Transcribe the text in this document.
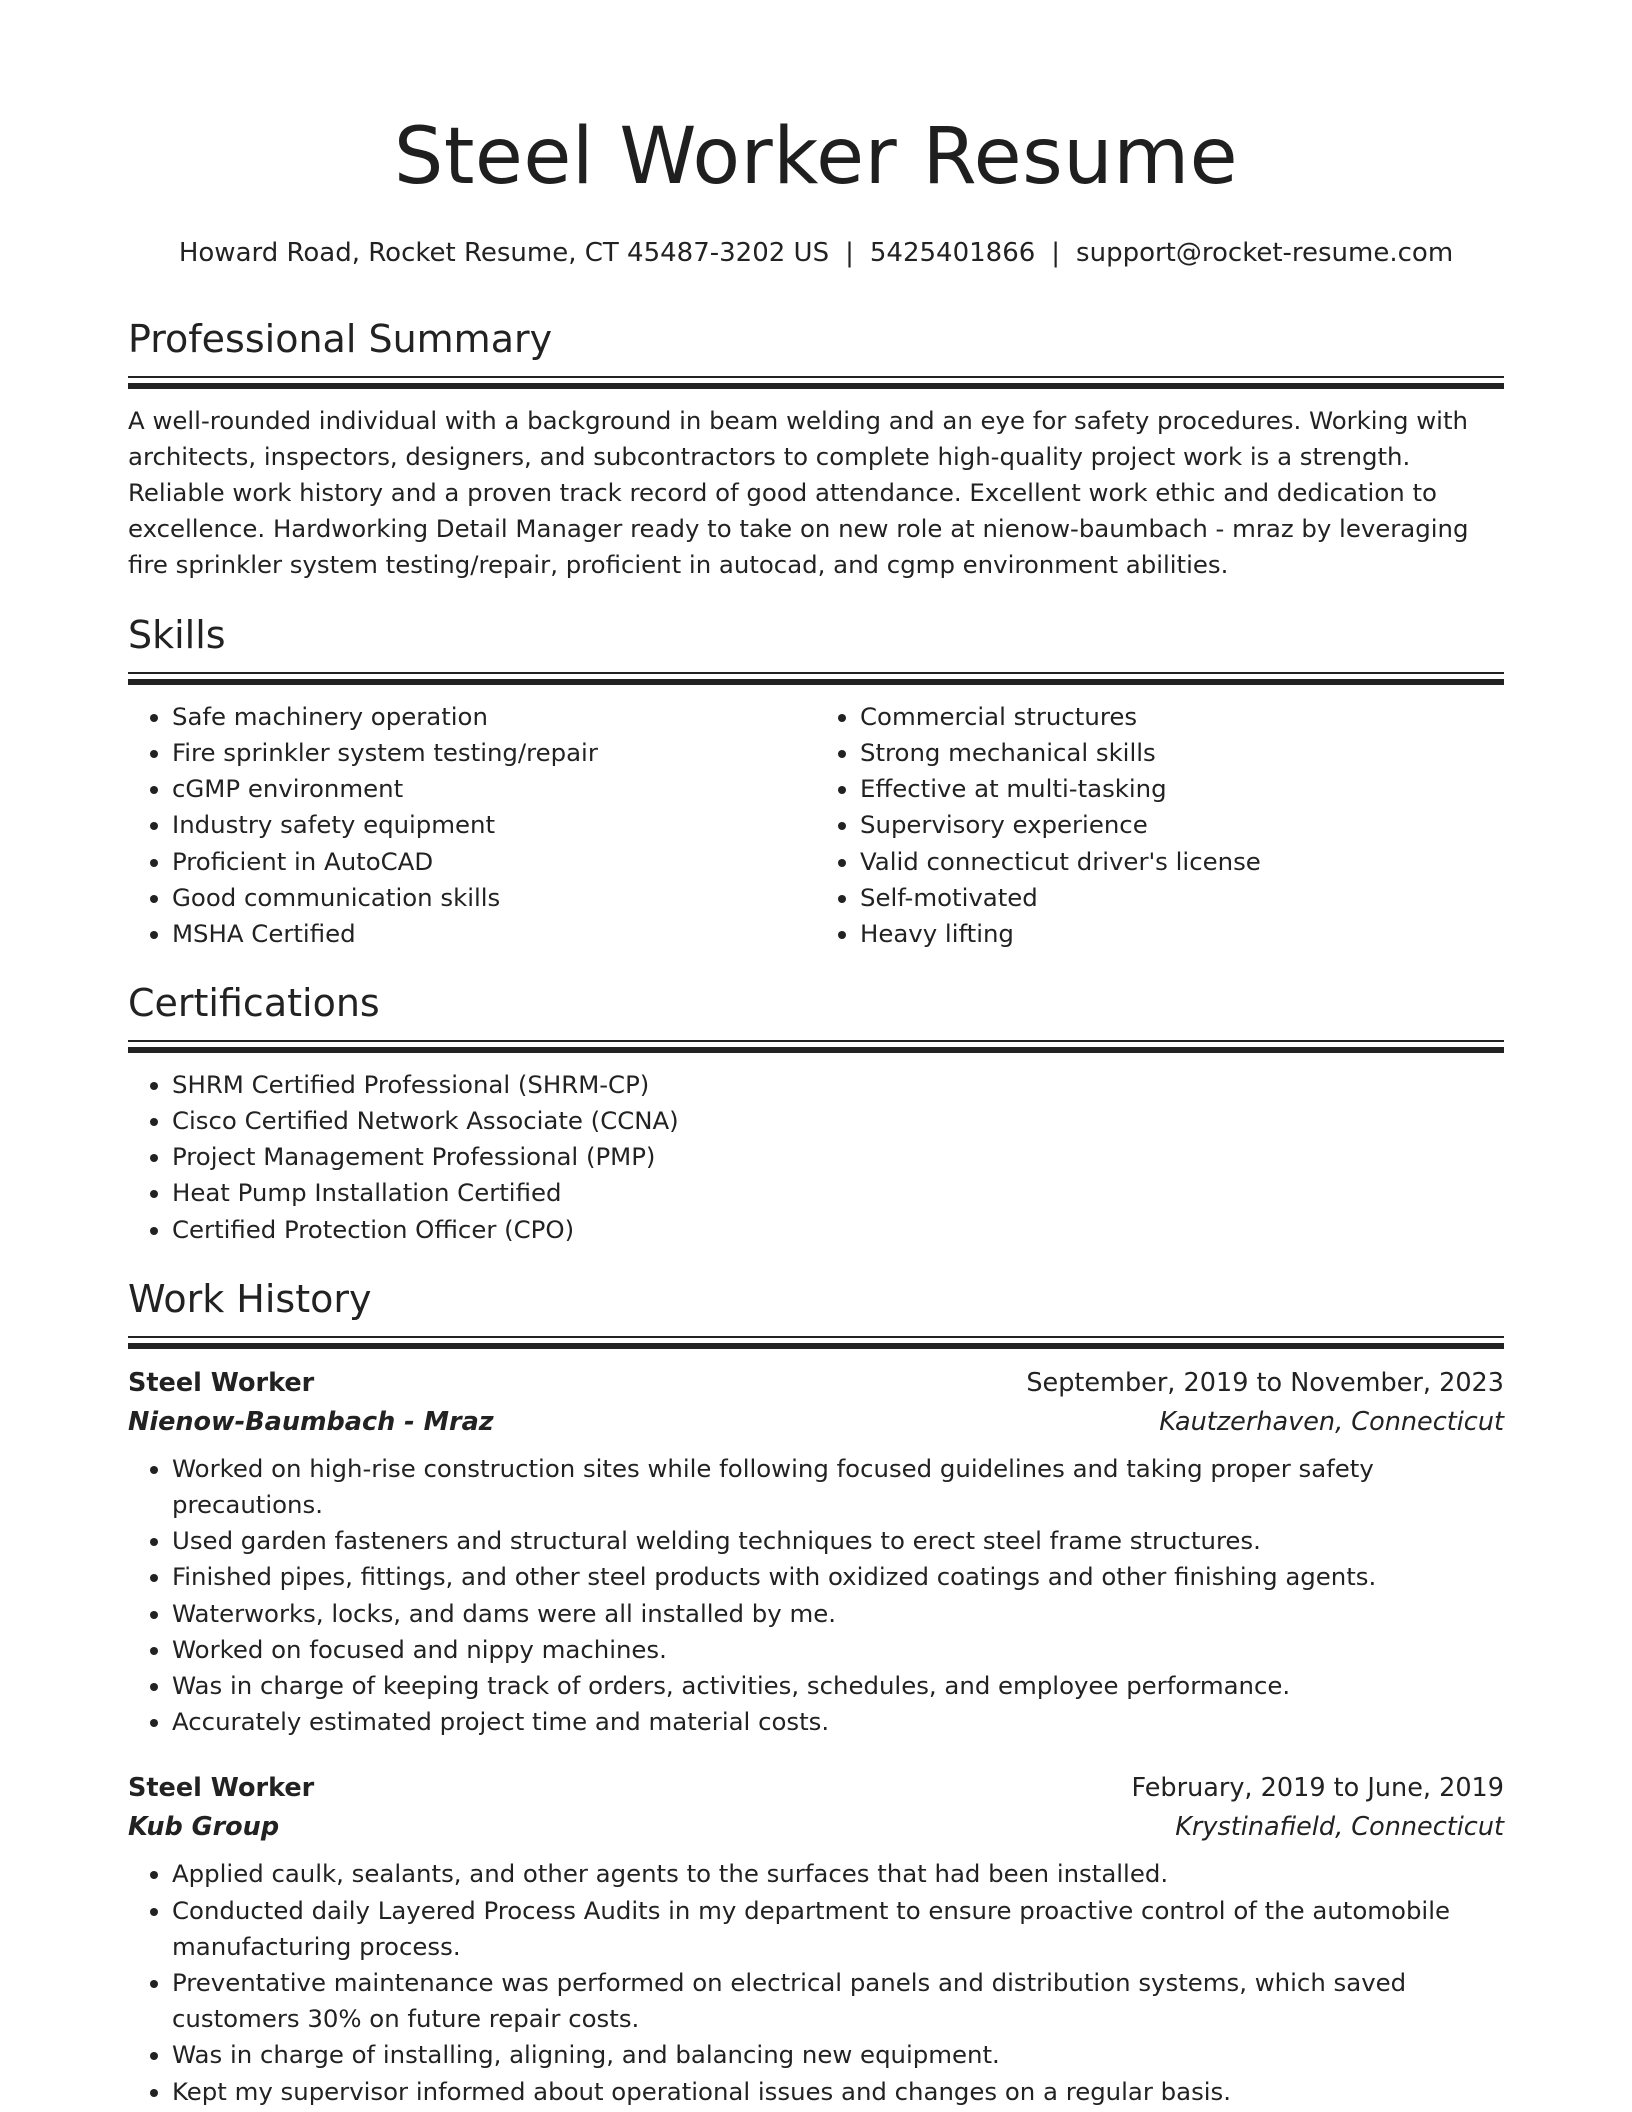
Steel Worker Resume
Howard Road, Rocket Resume, CT 45487-3202 US | 5425401866 | support@rocket-resume.com
Professional Summary
A well-rounded individual with a background in beam welding and an eye for safety procedures. Working with architects, inspectors, designers, and subcontractors to complete high-quality project work is a strength. Reliable work history and a proven track record of good attendance. Excellent work ethic and dedication to excellence. Hardworking Detail Manager ready to take on new role at nienow-baumbach - mraz by leveraging fire sprinkler system testing/repair, proficient in autocad, and cgmp environment abilities.
Skills
• Safe machinery operation
• Fire sprinkler system testing/repair
• cGMP environment
• Industry safety equipment
• Proficient in AutoCAD
• Good communication skills
• MSHA Certified
• Commercial structures
• Strong mechanical skills
• Effective at multi-tasking
• Supervisory experience
• Valid connecticut driver's license
• Self-motivated
• Heavy lifting
Certifications
• SHRM Certified Professional (SHRM-CP)
• Cisco Certified Network Associate (CCNA)
• Project Management Professional (PMP)
• Heat Pump Installation Certified
• Certified Protection Officer (CPO)
Work History
Steel Worker	September, 2019 to November, 2023
Nienow-Baumbach - Mraz	Kautzerhaven, Connecticut
• Worked on high-rise construction sites while following focused guidelines and taking proper safety precautions.
• Used garden fasteners and structural welding techniques to erect steel frame structures.
• Finished pipes, fittings, and other steel products with oxidized coatings and other finishing agents.
• Waterworks, locks, and dams were all installed by me.
• Worked on focused and nippy machines.
• Was in charge of keeping track of orders, activities, schedules, and employee performance.
• Accurately estimated project time and material costs.
Steel Worker	February, 2019 to June, 2019
Kub Group	Krystinafield, Connecticut
• Applied caulk, sealants, and other agents to the surfaces that had been installed.
• Conducted daily Layered Process Audits in my department to ensure proactive control of the automobile manufacturing process.
• Preventative maintenance was performed on electrical panels and distribution systems, which saved customers 30% on future repair costs.
• Was in charge of installing, aligning, and balancing new equipment.
• Kept my supervisor informed about operational issues and changes on a regular basis.
